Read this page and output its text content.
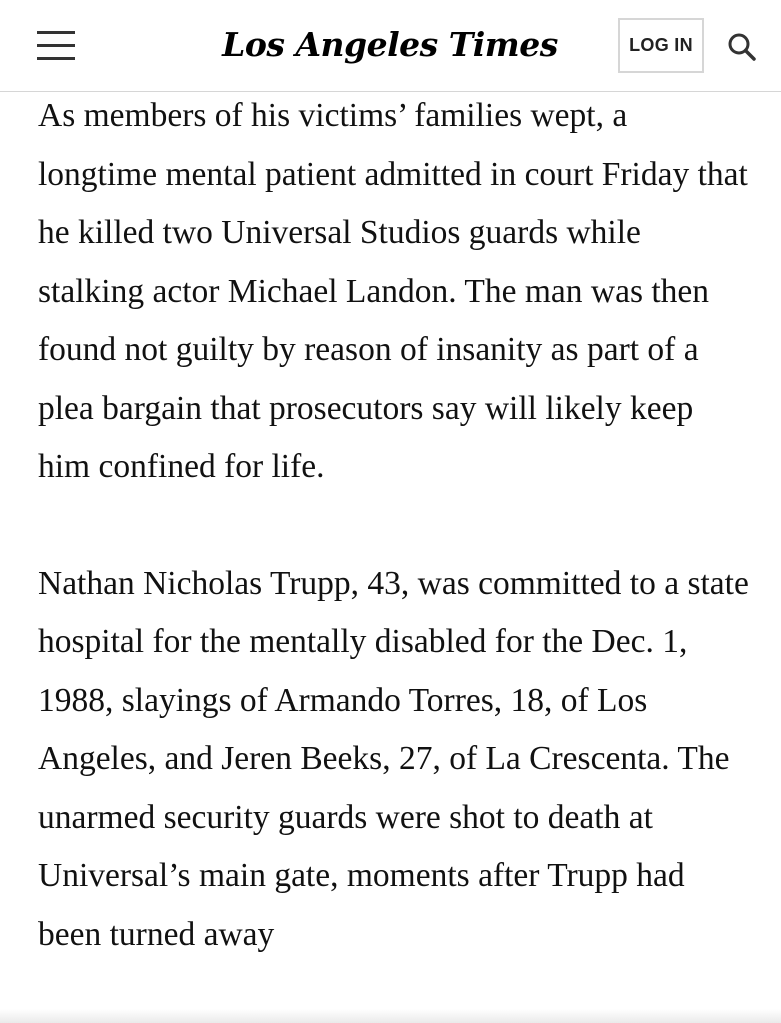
Los Angeles Times	LOG IN

As members of his victims’ families wept, a longtime mental patient admitted in court Friday that he killed two Universal Studios guards while stalking actor Michael Landon. The man was then found not guilty by reason of insanity as part of a plea bargain that prosecutors say will likely keep him confined for life.

Nathan Nicholas Trupp, 43, was committed to a state hospital for the mentally disabled for the Dec. 1, 1988, slayings of Armando Torres, 18, of Los Angeles, and Jeren Beeks, 27, of La Crescenta. The unarmed security guards were shot to death at Universal’s main gate, moments after Trupp had been turned away
